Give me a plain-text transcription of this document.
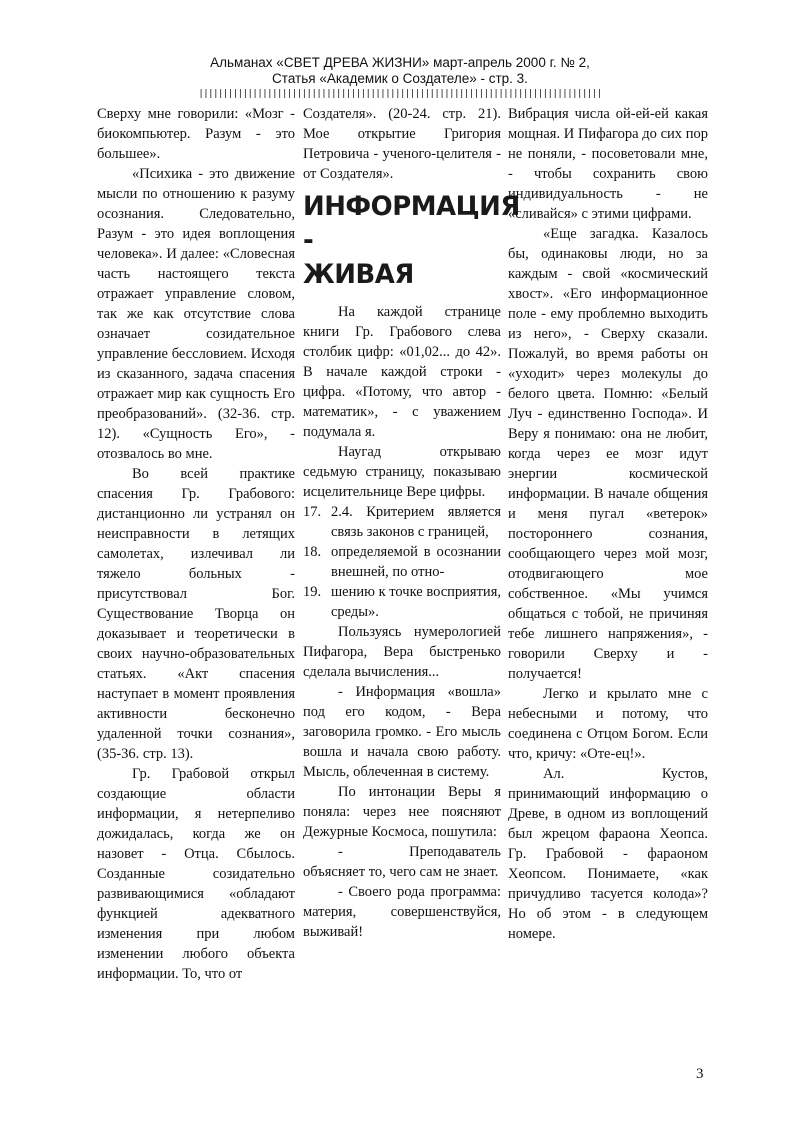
Альманах «СВЕТ ДРЕВА ЖИЗНИ» март-апрель 2000 г. № 2,
Статья «Академик о Создателе» - стр. 3.
||||||||||||||||||||||||||||||||||||||||||||||||||||||||||||||||||||||||||||||||||

Сверху мне говорили: «Мозг - биокомпьютер. Разум - это большее».

«Психика - это движение мысли по отношению к разуму осознания. Следовательно, Разум - это идея воплощения человека». И далее: «Словесная часть настоящего текста отражает управление словом, так же как отсутствие слова означает созидательное управление бессловием. Исходя из сказанного, задача спасения отражает мир как сущность Его преобразований». (32-36. стр. 12). «Сущность Его», - отозвалось во мне.

Во всей практике спасения Гр. Грабового: дистанционно ли устранял он неисправности в летящих самолетах, излечивал ли тяжело больных - присутствовал Бог. Существование Творца он доказывает и теоретически в своих научно-образовательных статьях. «Акт спасения наступает в момент проявления активности бесконечно удаленной точки сознания», (35-36. стр. 13).

Гр. Грабовой открыл создающие области информации, я нетерпеливо дожидалась, когда же он назовет - Отца. Сбылось. Созданные созидательно развивающимися «обладают функцией адекватного изменения при любом изменении любого объекта информации. То, что от

Создателя». (20-24. стр. 21). Мое открытие Григория Петровича - ученого-целителя - от Создателя».

ИНФОРМАЦИЯ -
ЖИВАЯ

На каждой странице книги Гр. Грабового слева столбик цифр: «01,02... до 42». В начале каждой строки - цифра. «Потому, что автор - математик», - с уважением подумала я.

Наугад открываю седьмую страницу, показываю исцелительнице Вере цифры.

17. 2.4. Критерием является связь законов с границей,
18. определяемой в осознании внешней, по отно-
19. шению к точке восприятия, среды».

Пользуясь нумерологией Пифагора, Вера быстренько сделала вычисления...

- Информация «вошла» под его кодом, - Вера заговорила громко. - Его мысль вошла и начала свою работу. Мысль, облеченная в систему.

По интонации Веры я поняла: через нее поясняют Дежурные Космоса, пошутила:

- Преподаватель объясняет то, чего сам не знает.

- Своего рода программа: материя, совершенствуйся, выживай!

Вибрация числа ой-ей-ей какая мощная. И Пифагора до сих пор не поняли, - посоветовали мне, - чтобы сохранить свою индивидуальность - не «сливайся» с этими цифрами.

«Еще загадка. Казалось бы, одинаковы люди, но за каждым - свой «космический хвост». «Его информационное поле - ему проблемно выходить из него», - Сверху сказали. Пожалуй, во время работы он «уходит» через молекулы до белого цвета. Помню: «Белый Луч - единственно Господа». И Веру я понимаю: она не любит, когда через ее мозг идут энергии космической информации. В начале общения и меня пугал «ветерок» постороннего сознания, сообщающего через мой мозг, отодвигающего мое собственное. «Мы учимся общаться с тобой, не причиняя тебе лишнего напряжения», - говорили Сверху и - получается!

Легко и крылато мне с небесными и потому, что соединена с Отцом Богом. Если что, кричу: «Оте-ец!».

Ал. Кустов, принимающий информацию о Древе, в одном из воплощений был жрецом фараона Хеопса. Гр. Грабовой - фараоном Хеопсом. Понимаете, «как причудливо тасуется колода»? Но об этом - в следующем номере.

3
